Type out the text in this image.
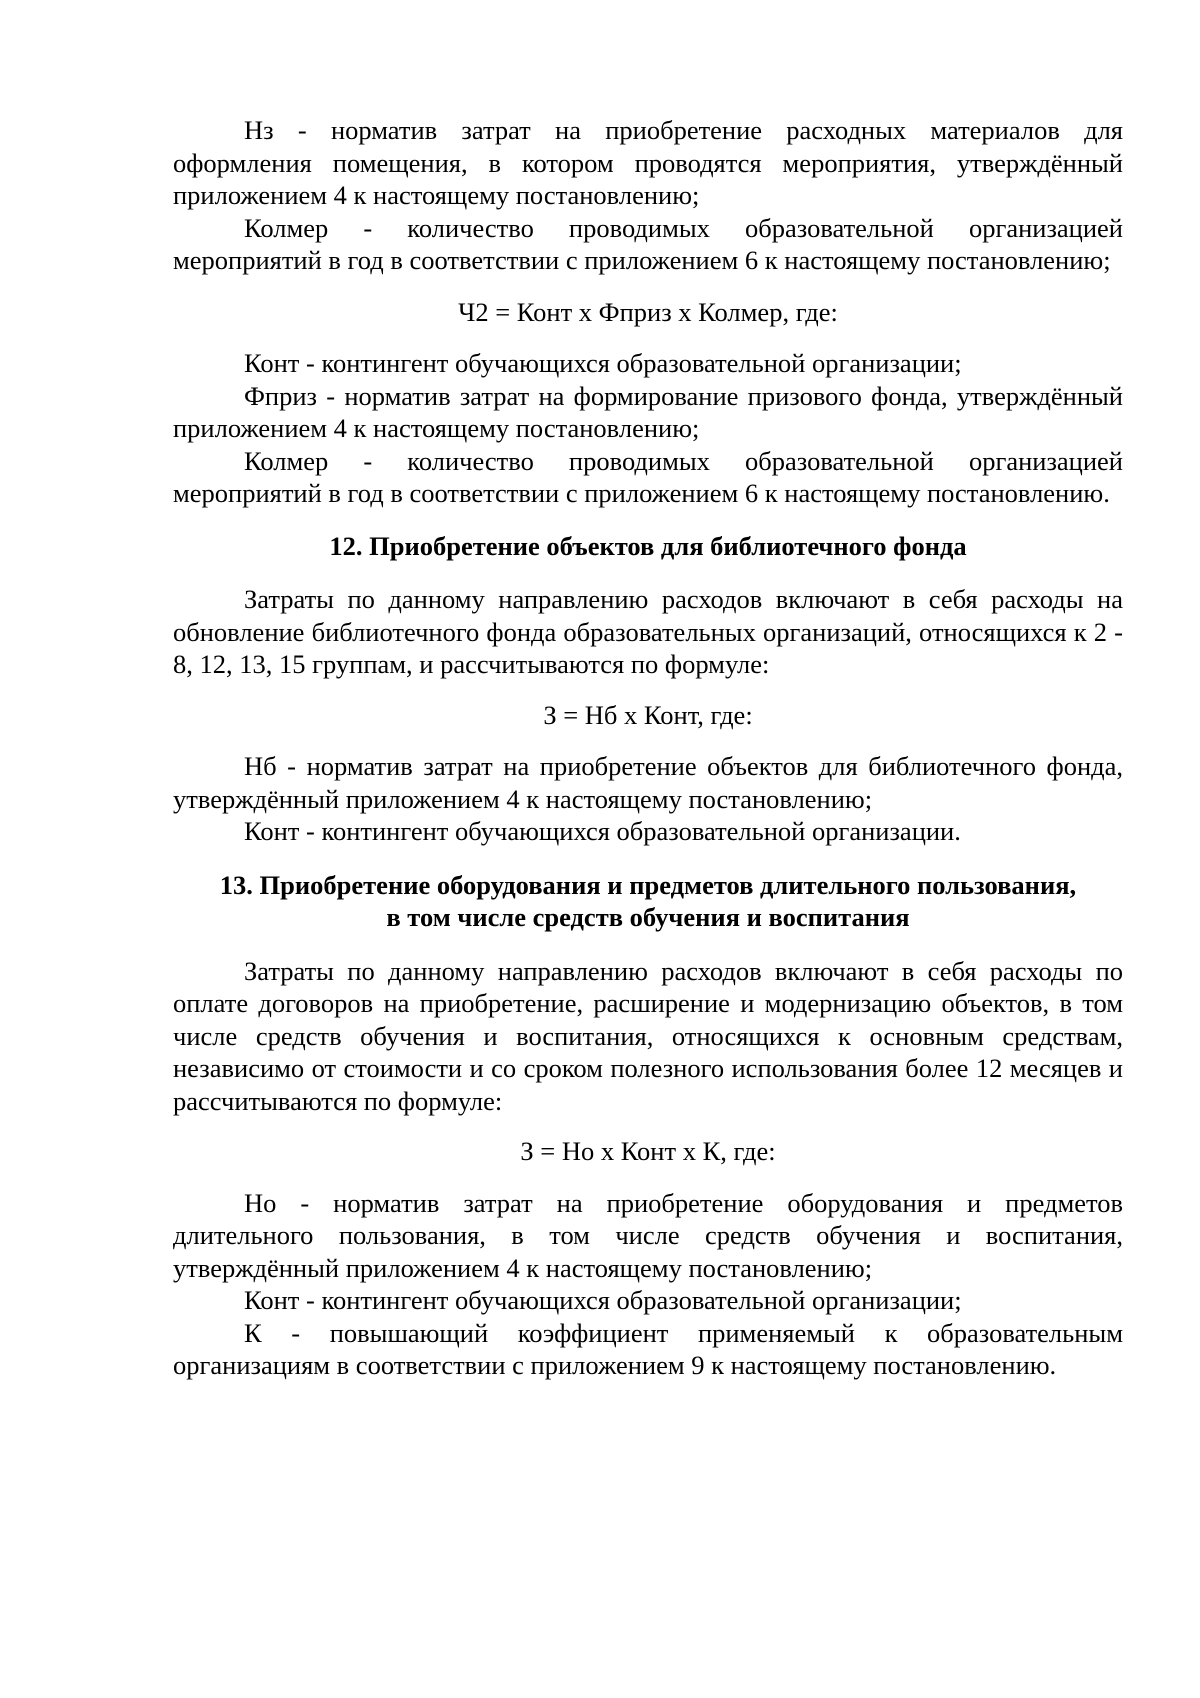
Нз - норматив затрат на приобретение расходных материалов для оформления помещения, в котором проводятся мероприятия, утверждённый приложением 4 к настоящему постановлению;

Колмер - количество проводимых образовательной организацией мероприятий в год в соответствии с приложением 6 к настоящему постановлению;

Ч2 = Конт х Фприз х Колмер, где:

Конт - контингент обучающихся образовательной организации;

Фприз - норматив затрат на формирование призового фонда, утверждённый приложением 4 к настоящему постановлению;

Колмер - количество проводимых образовательной организацией мероприятий в год в соответствии с приложением 6 к настоящему постановлению.

12. Приобретение объектов для библиотечного фонда

Затраты по данному направлению расходов включают в себя расходы на обновление библиотечного фонда образовательных организаций, относящихся к 2 - 8, 12, 13, 15 группам, и рассчитываются по формуле:

З = Нб х Конт, где:

Нб - норматив затрат на приобретение объектов для библиотечного фонда, утверждённый приложением 4 к настоящему постановлению;

Конт - контингент обучающихся образовательной организации.

13. Приобретение оборудования и предметов длительного пользования,
в том числе средств обучения и воспитания

Затраты по данному направлению расходов включают в себя расходы по оплате договоров на приобретение, расширение и модернизацию объектов, в том числе средств обучения и воспитания, относящихся к основным средствам, независимо от стоимости и со сроком полезного использования более 12 месяцев и рассчитываются по формуле:

З = Но х Конт х К, где:

Но - норматив затрат на приобретение оборудования и предметов длительного пользования, в том числе средств обучения и воспитания, утверждённый приложением 4 к настоящему постановлению;

Конт - контингент обучающихся образовательной организации;

К - повышающий коэффициент применяемый к образовательным организациям в соответствии с приложением 9 к настоящему постановлению.
